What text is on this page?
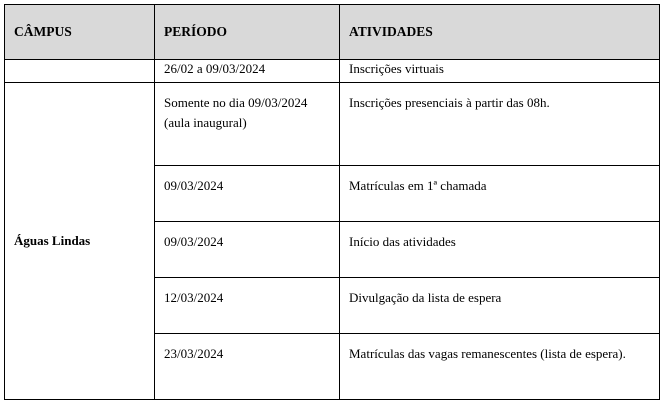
CÂMPUS	PERÍODO	ATIVIDADES
	26/02 a 09/03/2024	Inscrições virtuais
Águas Lindas	Somente no dia 09/03/2024 (aula inaugural)	Inscrições presenciais à partir das 08h.
	09/03/2024	Matrículas em 1ª chamada
	09/03/2024	Início das atividades
	12/03/2024	Divulgação da lista de espera
	23/03/2024	Matrículas das vagas remanescentes (lista de espera).
